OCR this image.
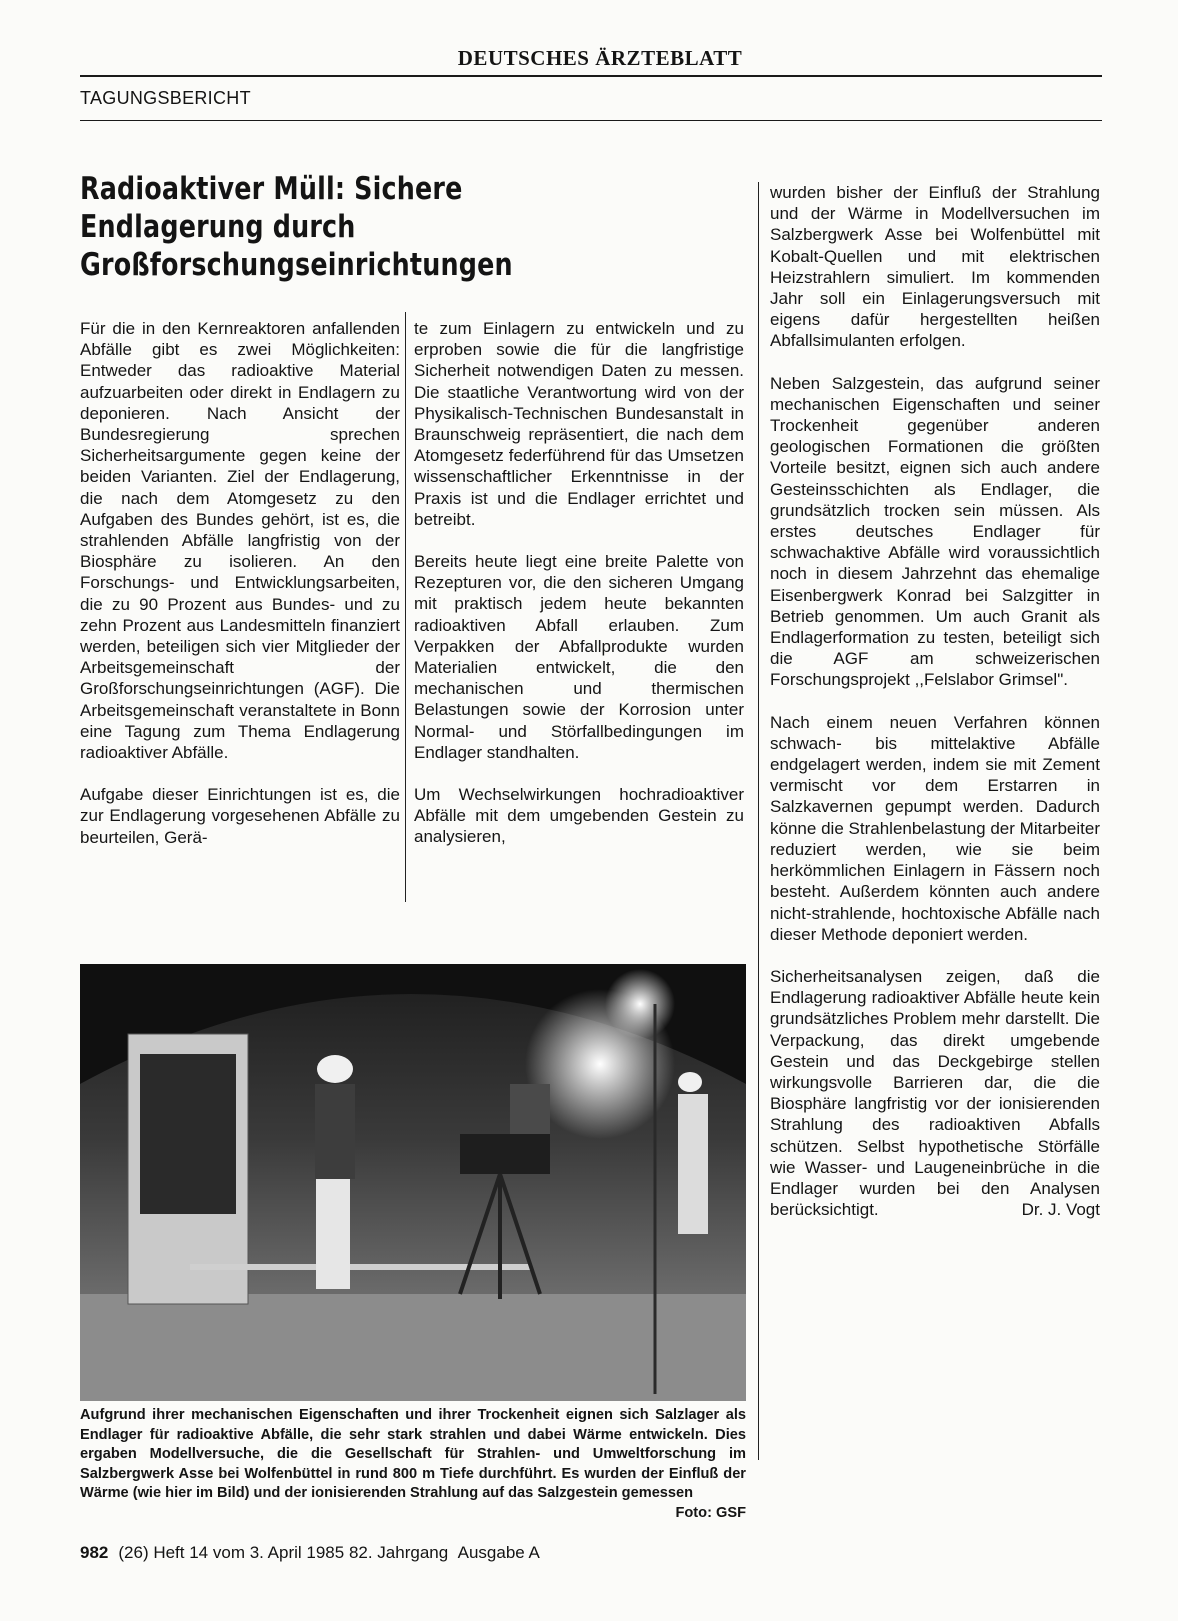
DEUTSCHES ÄRZTEBLATT
TAGUNGSBERICHT
Radioaktiver Müll: Sichere Endlagerung durch Großforschungseinrichtungen

Für die in den Kernreaktoren anfallenden Abfälle gibt es zwei Möglichkeiten: Entweder das radioaktive Material aufzuarbeiten oder direkt in Endlagern zu deponieren. Nach Ansicht der Bundesregierung sprechen Sicherheitsargumente gegen keine der beiden Varianten. Ziel der Endlagerung, die nach dem Atomgesetz zu den Aufgaben des Bundes gehört, ist es, die strahlenden Abfälle langfristig von der Biosphäre zu isolieren. An den Forschungs- und Entwicklungsarbeiten, die zu 90 Prozent aus Bundes- und zu zehn Prozent aus Landesmitteln finanziert werden, beteiligen sich vier Mitglieder der Arbeitsgemeinschaft der Großforschungseinrichtungen (AGF). Die Arbeitsgemeinschaft veranstaltete in Bonn eine Tagung zum Thema Endlagerung radioaktiver Abfälle.

Aufgabe dieser Einrichtungen ist es, die zur Endlagerung vorgesehenen Abfälle zu beurteilen, Gerä-

te zum Einlagern zu entwickeln und zu erproben sowie die für die langfristige Sicherheit notwendigen Daten zu messen. Die staatliche Verantwortung wird von der Physikalisch-Technischen Bundesanstalt in Braunschweig repräsentiert, die nach dem Atomgesetz federführend für das Umsetzen wissenschaftlicher Erkenntnisse in der Praxis ist und die Endlager errichtet und betreibt.

Bereits heute liegt eine breite Palette von Rezepturen vor, die den sicheren Umgang mit praktisch jedem heute bekannten radioaktiven Abfall erlauben. Zum Verpakken der Abfallprodukte wurden Materialien entwickelt, die den mechanischen und thermischen Belastungen sowie der Korrosion unter Normal- und Störfallbedingungen im Endlager standhalten.

Um Wechselwirkungen hochradioaktiver Abfälle mit dem umgebenden Gestein zu analysieren,

wurden bisher der Einfluß der Strahlung und der Wärme in Modellversuchen im Salzbergwerk Asse bei Wolfenbüttel mit Kobalt-Quellen und mit elektrischen Heizstrahlern simuliert. Im kommenden Jahr soll ein Einlagerungsversuch mit eigens dafür hergestellten heißen Abfallsimulanten erfolgen.

Neben Salzgestein, das aufgrund seiner mechanischen Eigenschaften und seiner Trockenheit gegenüber anderen geologischen Formationen die größten Vorteile besitzt, eignen sich auch andere Gesteinsschichten als Endlager, die grundsätzlich trocken sein müssen. Als erstes deutsches Endlager für schwachaktive Abfälle wird voraussichtlich noch in diesem Jahrzehnt das ehemalige Eisenbergwerk Konrad bei Salzgitter in Betrieb genommen. Um auch Granit als Endlagerformation zu testen, beteiligt sich die AGF am schweizerischen Forschungsprojekt ,,Felslabor Grimsel".

Nach einem neuen Verfahren können schwach- bis mittelaktive Abfälle endgelagert werden, indem sie mit Zement vermischt vor dem Erstarren in Salzkavernen gepumpt werden. Dadurch könne die Strahlenbelastung der Mitarbeiter reduziert werden, wie sie beim herkömmlichen Einlagern in Fässern noch besteht. Außerdem könnten auch andere nicht-strahlende, hochtoxische Abfälle nach dieser Methode deponiert werden.

Sicherheitsanalysen zeigen, daß die Endlagerung radioaktiver Abfälle heute kein grundsätzliches Problem mehr darstellt. Die Verpackung, das direkt umgebende Gestein und das Deckgebirge stellen wirkungsvolle Barrieren dar, die die Biosphäre langfristig vor der ionisierenden Strahlung des radioaktiven Abfalls schützen. Selbst hypothetische Störfälle wie Wasser- und Laugeneinbrüche in die Endlager wurden bei den Analysen berücksichtigt.	Dr. J. Vogt

Aufgrund ihrer mechanischen Eigenschaften und ihrer Trockenheit eignen sich Salzlager als Endlager für radioaktive Abfälle, die sehr stark strahlen und dabei Wärme entwickeln. Dies ergaben Modellversuche, die die Gesellschaft für Strahlen- und Umweltforschung im Salzbergwerk Asse bei Wolfenbüttel in rund 800 m Tiefe durchführt. Es wurden der Einfluß der Wärme (wie hier im Bild) und der ionisierenden Strahlung auf das Salzgestein gemessen
Foto: GSF

982 (26) Heft 14 vom 3. April 1985 82. Jahrgang Ausgabe A
